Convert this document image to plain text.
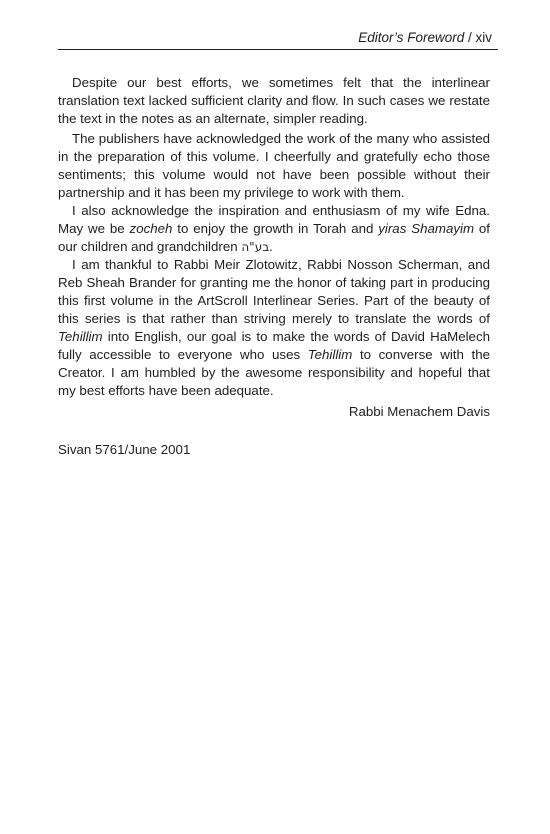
Editor’s Foreword / xiv

Despite our best efforts, we sometimes felt that the interlinear translation text lacked sufficient clarity and flow. In such cases we restate the text in the notes as an alternate, simpler reading.

The publishers have acknowledged the work of the many who assisted in the preparation of this volume. I cheerfully and gratefully echo those sentiments; this volume would not have been possible without their partnership and it has been my privilege to work with them.

I also acknowledge the inspiration and enthusiasm of my wife Edna. May we be zocheh to enjoy the growth in Torah and yiras Shamayim of our children and grandchildren בע"ה.

I am thankful to Rabbi Meir Zlotowitz, Rabbi Nosson Scherman, and Reb Sheah Brander for granting me the honor of taking part in producing this first volume in the ArtScroll Interlinear Series. Part of the beauty of this series is that rather than striving merely to translate the words of Tehillim into English, our goal is to make the words of David HaMelech fully accessible to everyone who uses Tehillim to converse with the Creator. I am humbled by the awesome responsibility and hopeful that my best efforts have been adequate.

Rabbi Menachem Davis
Sivan 5761/June 2001
